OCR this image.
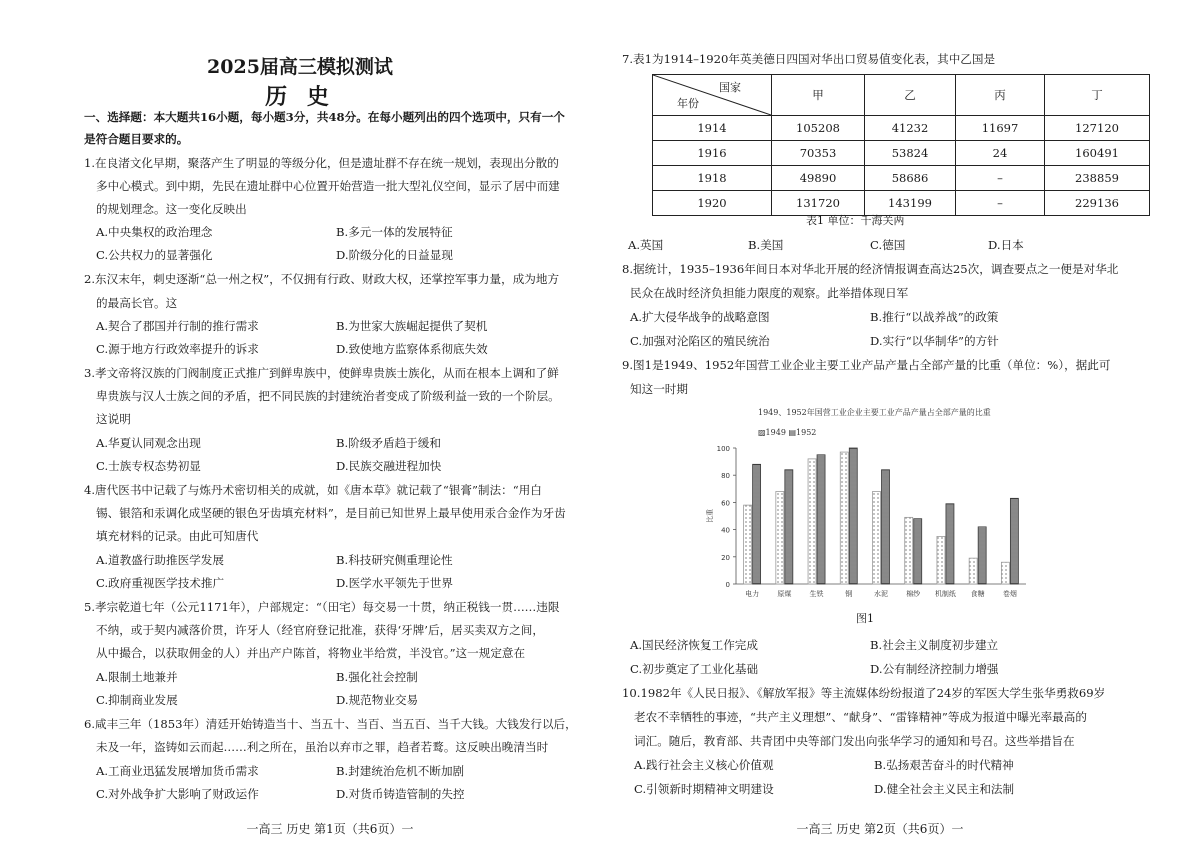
2025届高三模拟测试
历 史
一、选择题：本大题共16小题，每小题3分，共48分。在每小题列出的四个选项中，只有一个
是符合题目要求的。
1.在良渚文化早期，聚落产生了明显的等级分化，但是遗址群不存在统一规划，表现出分散的
多中心模式。到中期，先民在遗址群中心位置开始营造一批大型礼仪空间，显示了居中而建
的规划理念。这一变化反映出
A.中央集权的政治理念	B.多元一体的发展特征
C.公共权力的显著强化	D.阶级分化的日益显现
2.东汉末年，刺史逐渐“总一州之权”，不仅拥有行政、财政大权，还掌控军事力量，成为地方
的最高长官。这
A.契合了郡国并行制的推行需求	B.为世家大族崛起提供了契机
C.源于地方行政效率提升的诉求	D.致使地方监察体系彻底失效
3.孝文帝将汉族的门阀制度正式推广到鲜卑族中，使鲜卑贵族士族化，从而在根本上调和了鲜
卑贵族与汉人士族之间的矛盾，把不同民族的封建统治者变成了阶级利益一致的一个阶层。
这说明
A.华夏认同观念出现	B.阶级矛盾趋于缓和
C.士族专权态势初显	D.民族交融进程加快
4.唐代医书中记载了与炼丹术密切相关的成就，如《唐本草》就记载了“银膏”制法：“用白
锡、银箔和汞调化成坚硬的银色牙齿填充材料”，是目前已知世界上最早使用汞合金作为牙齿
填充材料的记录。由此可知唐代
A.道教盛行助推医学发展	B.科技研究侧重理论性
C.政府重视医学技术推广	D.医学水平领先于世界
5.孝宗乾道七年（公元1171年），户部规定：“（田宅）每交易一十贯，纳正税钱一贯……违限
不纳，或于契内减落价贯，许牙人（经官府登记批准，获得‘牙牌’后，居买卖双方之间，
从中撮合，以获取佣金的人）并出产户陈首，将物业半给赏，半没官。”这一规定意在
A.限制土地兼并	B.强化社会控制
C.抑制商业发展	D.规范物业交易
6.咸丰三年（1853年）清廷开始铸造当十、当五十、当百、当五百、当千大钱。大钱发行以后，
未及一年，盗铸如云而起……利之所在，虽治以弃市之罪，趋者若鹜。这反映出晚清当时
A.工商业迅猛发展增加货币需求	B.封建统治危机不断加剧
C.对外战争扩大影响了财政运作	D.对货币铸造管制的失控
一高三 历史 第1页（共6页）一
7.表1为1914–1920年英美德日四国对华出口贸易值变化表，其中乙国是
国家
年份	甲	乙	丙	丁
1914	105208	41232	11697	127120
1916	70353	53824	24	160491
1918	49890	58686	–	238859
1920	131720	143199	–	229136
表1 单位：千海关两
A.英国	B.美国	C.德国	D.日本
8.据统计，1935–1936年间日本对华北开展的经济情报调查高达25次，调查要点之一便是对华北
民众在战时经济负担能力限度的观察。此举措体现日军
A.扩大侵华战争的战略意图	B.推行“以战养战”的政策
C.加强对沦陷区的殖民统治	D.实行“以华制华”的方针
9.图1是1949、1952年国营工业企业主要工业产品产量占全部产量的比重（单位：%），据此可
知这一时期
1949、1952年国营工业企业主要工业产品产量占全部产量的比重
▨1949 ▤1952
0
20
40
60
80
100
比重
电力	原煤	生铁	钢	水泥	棉纱 机制纸 食糖	卷烟
图1
A.国民经济恢复工作完成	B.社会主义制度初步建立
C.初步奠定了工业化基础	D.公有制经济控制力增强
10.1982年《人民日报》、《解放军报》等主流媒体纷纷报道了24岁的军医大学生张华勇救69岁
老农不幸牺牲的事迹，“共产主义理想”、“献身”、“雷锋精神”等成为报道中曝光率最高的
词汇。随后，教育部、共青团中央等部门发出向张华学习的通知和号召。这些举措旨在
A.践行社会主义核心价值观	B.弘扬艰苦奋斗的时代精神
C.引领新时期精神文明建设	D.健全社会主义民主和法制
一高三 历史 第2页（共6页）一
